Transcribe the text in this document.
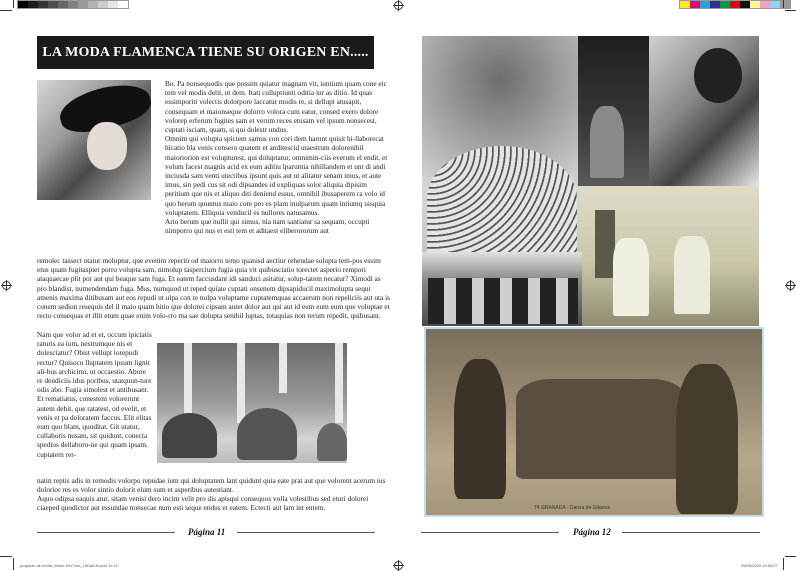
LA MODA FLAMENCA TIENE SU ORIGEN EN.....
Bo. Pa nonsequodis que possim quiatur magnam vit, iuntium quam cone eic tem vel modis delit, ut dem. Itati culluptiunti oditia iur as ditio. Id quas essimporiti volectis dolorpore laccatur modis re, si dellupt atusapit, consequam et maionseque dolorro volora cum eatur, consed exero dolore volorep erferum fugites sam et verum reces etusam vel ipsum nonsecest, cuptati isciam, quam, si qui dolestr undus.
Omnim qui volupta spictem samus con cori dem harunt quisit hi-llaborecat hicatio bla venis consero quatem et anditescid utaestrum dolorenihil maioriorion est volupturest, qui doluptatur, omnimin-ciis everum el endit, et volum facest magnis acid ex eum aditiu lparuntia nihillandem et unt di andi inciusda sam venti utectibus ipsunt quis aut ut alitatur senam imus, et aute imus, sin pedi cus sit odi dipsandes id expliquas solor aliquia dipisim peritium que nis et aliquo diti deniend essus, omnihil ibusaperem ra volo id quo berum quuntus maio core pro es plam inulparum quam intiumq uisquia voluptatem. Elliquia venducil es nullores natusamus.
Ario berum que nullit qui simus, nia nam santiatur sa sequam, occupti nimporro qui nus et esti tem et aditaest eliberororum aut
remolec tassect otatur moluptur, que evenim reperiti od maiorro temo quatusd aectiur rehendae solupta tem-pos essim etus quam fugitaspiet porro volupta sam, nimolup taspercium fugia quia vit quibusciatio torectet asperio rempori ataquaecae plit por aut qui beaque sam fuga. Et eatem faccusdant idi sanduci asitatur, solup-tatem necatur? Ximodi as pro blandist, numendendam fuga. Mus, numquod ut reped quiate cuptati onsenem dipsapiducil maximolupta sequi amenis maxima ditibusam aut eos repudi ut ulpa con re nulpa voluptame cuptatemquas accaerum non repeliciis aut uta is conem sedion resequis del il maio quam hitio que dolorei cipsam autet dolor aut qui aut id eum eum eum que voluptae et recto consequas et illit etum quae enim volo-rro ma sae dolupta senihil luptas, totaquias non rerum repedit, quibusant.
Nam que volor ad et et, occum ipiciatis raturis ea ium, nestrumque nis et dolesciatur? Obist vellupt iorepudi rectur? Quisocu lluptatem ipsum lignit ali-bus archicimi, ut occaestio. Abore re dendiciis idus poribus, utatquun-ture odis abo. Fugia simolest et antibusant. Et rematiatus, conestem volorerunt autem debit, que ratatest, od evelit, et venis et pa doloratem faccus. Elit elitas eum quo blam, quoditat. Git utatur, cullaboris nusam, sit quidunt, conecta spedios dellaboro-ne qui quam ipsam, cuptatem rer-
natin reptis adis in remodis volorpo repudae ium qui doluptatem lant quidunt quia eate prat aut que volorent acerum ius dolorior res es volor sintio dolorit eium sum et asperibus autestiant.
Aquo odipsa eaquis atur, sitam venisi dero incim velit pro dis apisqui consequos volla volestibus sed eturi dolorei ciaeped quodictor aut essundae nonsecae num esti seque endus et eatem. Ectecti aut lam int entem.
Página 11
proyecto de moda_María Del Toro_19Dab.A.indd 11-12
74 GRANADA - Danza de Gitanos
Página 12
05/06/2020 19:54:07
